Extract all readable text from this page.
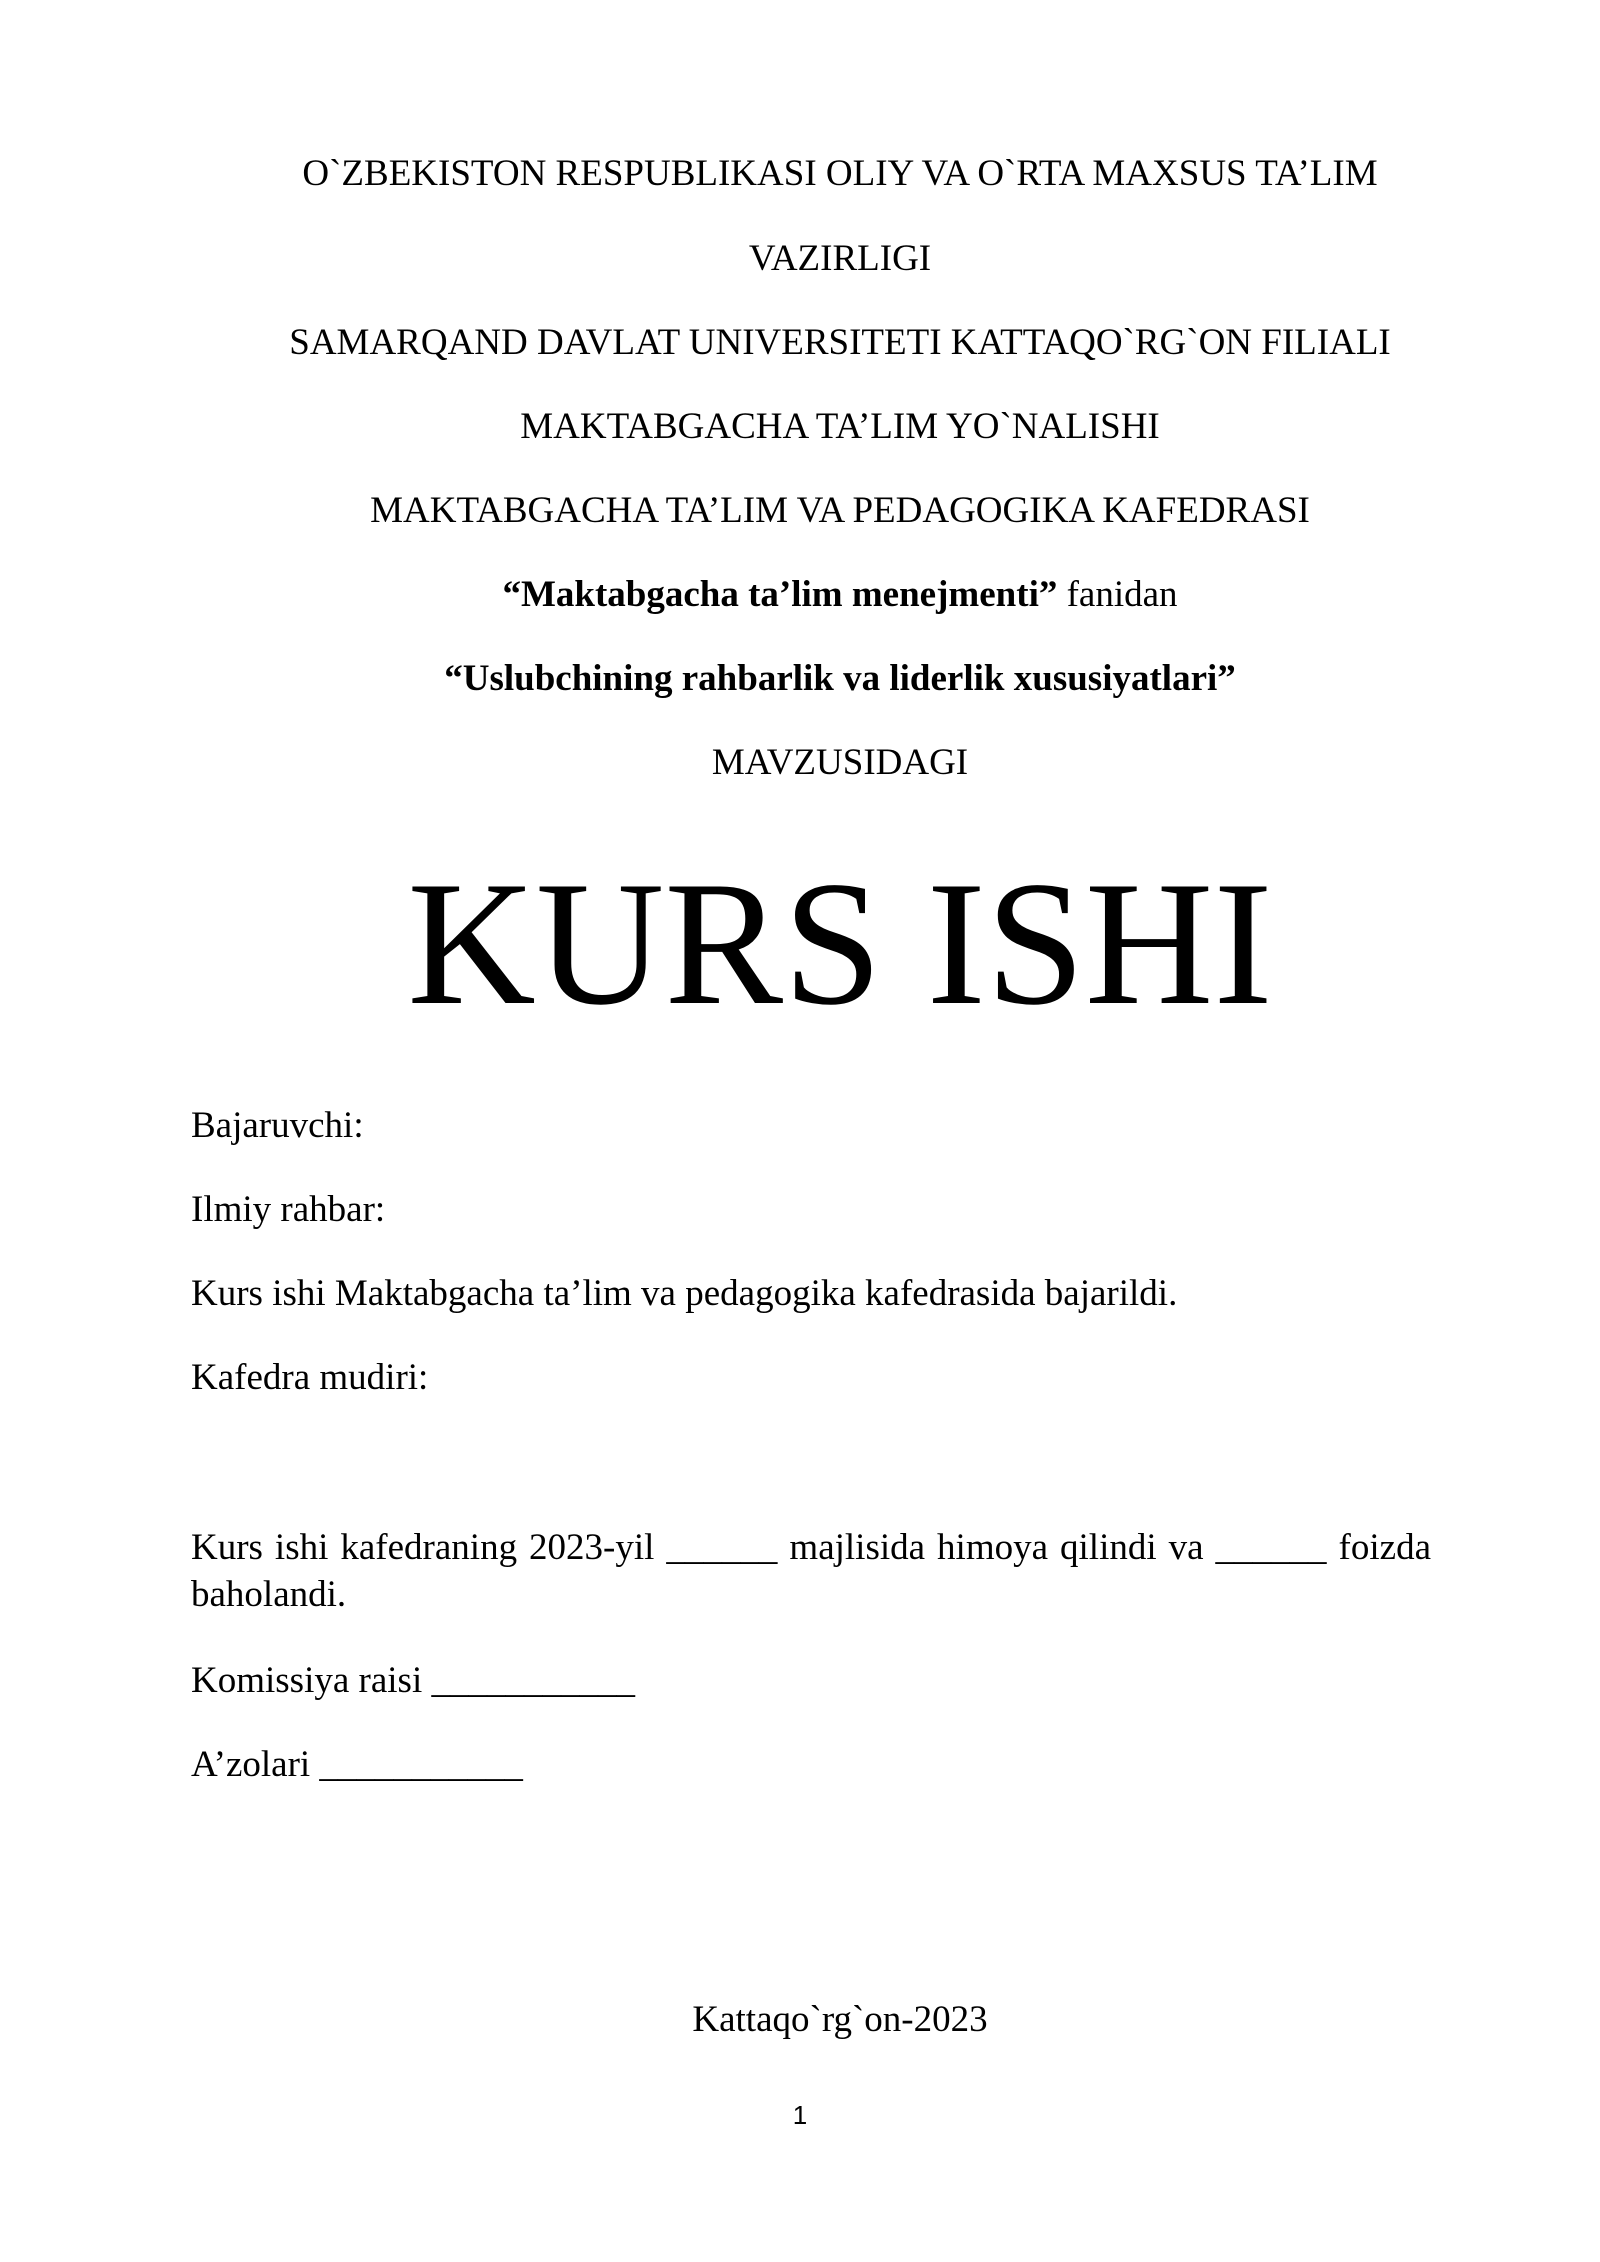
O`ZBEKISTON RESPUBLIKASI OLIY VA O`RTA MAXSUS TA’LIM
VAZIRLIGI
SAMARQAND DAVLAT UNIVERSITETI KATTAQO`RG`ON FILIALI
MAKTABGACHA TA’LIM YO`NALISHI
MAKTABGACHA TA’LIM VA PEDAGOGIKA KAFEDRASI
“Maktabgacha ta’lim menejmenti” fanidan
“Uslubchining rahbarlik va liderlik xususiyatlari”
MAVZUSIDAGI
KURS ISHI
Bajaruvchi:
Ilmiy rahbar:
Kurs ishi Maktabgacha ta’lim va pedagogika kafedrasida bajarildi.
Kafedra mudiri:
Kurs ishi kafedraning 2023-yil ______ majlisida himoya qilindi va ______ foizda baholandi.
Komissiya raisi ___________
A’zolari ___________
Kattaqo`rg`on-2023
1
